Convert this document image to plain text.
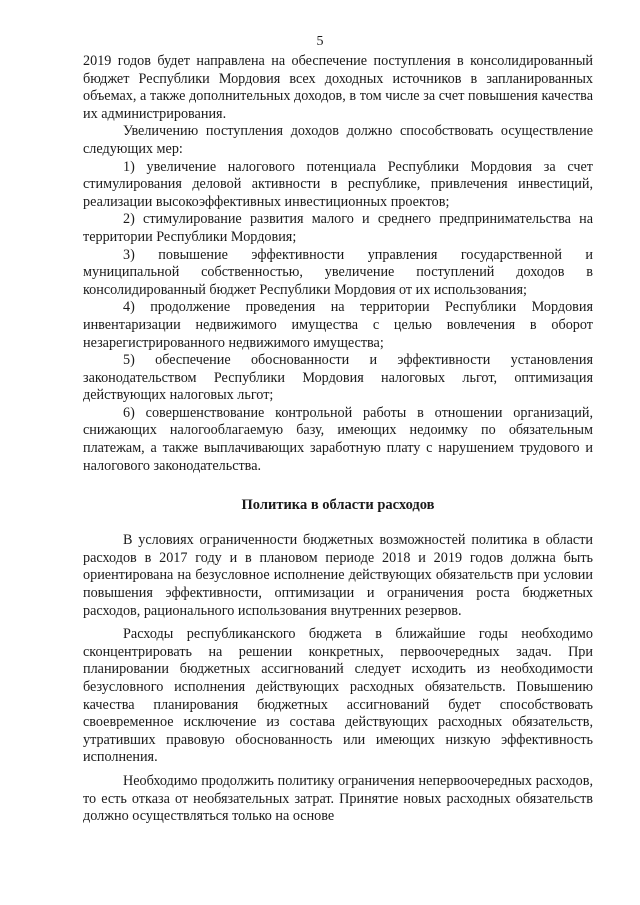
5

2019 годов будет направлена на обеспечение поступления в консолидированный бюджет Республики Мордовия всех доходных источников в запланированных объемах, а также дополнительных доходов, в том числе за счет повышения качества их администрирования.

Увеличению поступления доходов должно способствовать осуществление следующих мер:

1) увеличение налогового потенциала Республики Мордовия за счет стимулирования деловой активности в республике, привлечения инвестиций, реализации высокоэффективных инвестиционных проектов;

2) стимулирование развития малого и среднего предпринимательства на территории Республики Мордовия;

3) повышение эффективности управления государственной и муниципальной собственностью, увеличение поступлений доходов в консолидированный бюджет Республики Мордовия от их использования;

4) продолжение проведения на территории Республики Мордовия инвентаризации недвижимого имущества с целью вовлечения в оборот незарегистрированного недвижимого имущества;

5) обеспечение обоснованности и эффективности установления законодательством Республики Мордовия налоговых льгот, оптимизация действующих налоговых льгот;

6) совершенствование контрольной работы в отношении организаций, снижающих налогооблагаемую базу, имеющих недоимку по обязательным платежам, а также выплачивающих заработную плату с нарушением трудового и налогового законодательства.

Политика в области расходов

В условиях ограниченности бюджетных возможностей политика в области расходов в 2017 году и в плановом периоде 2018 и 2019 годов должна быть ориентирована на безусловное исполнение действующих обязательств при условии повышения эффективности, оптимизации и ограничения роста бюджетных расходов, рационального использования внутренних резервов.

Расходы республиканского бюджета в ближайшие годы необходимо сконцентрировать на решении конкретных, первоочередных задач. При планировании бюджетных ассигнований следует исходить из необходимости безусловного исполнения действующих расходных обязательств. Повышению качества планирования бюджетных ассигнований будет способствовать своевременное исключение из состава действующих расходных обязательств, утративших правовую обоснованность или имеющих низкую эффективность исполнения.

Необходимо продолжить политику ограничения непервоочередных расходов, то есть отказа от необязательных затрат. Принятие новых расходных обязательств должно осуществляться только на основе
